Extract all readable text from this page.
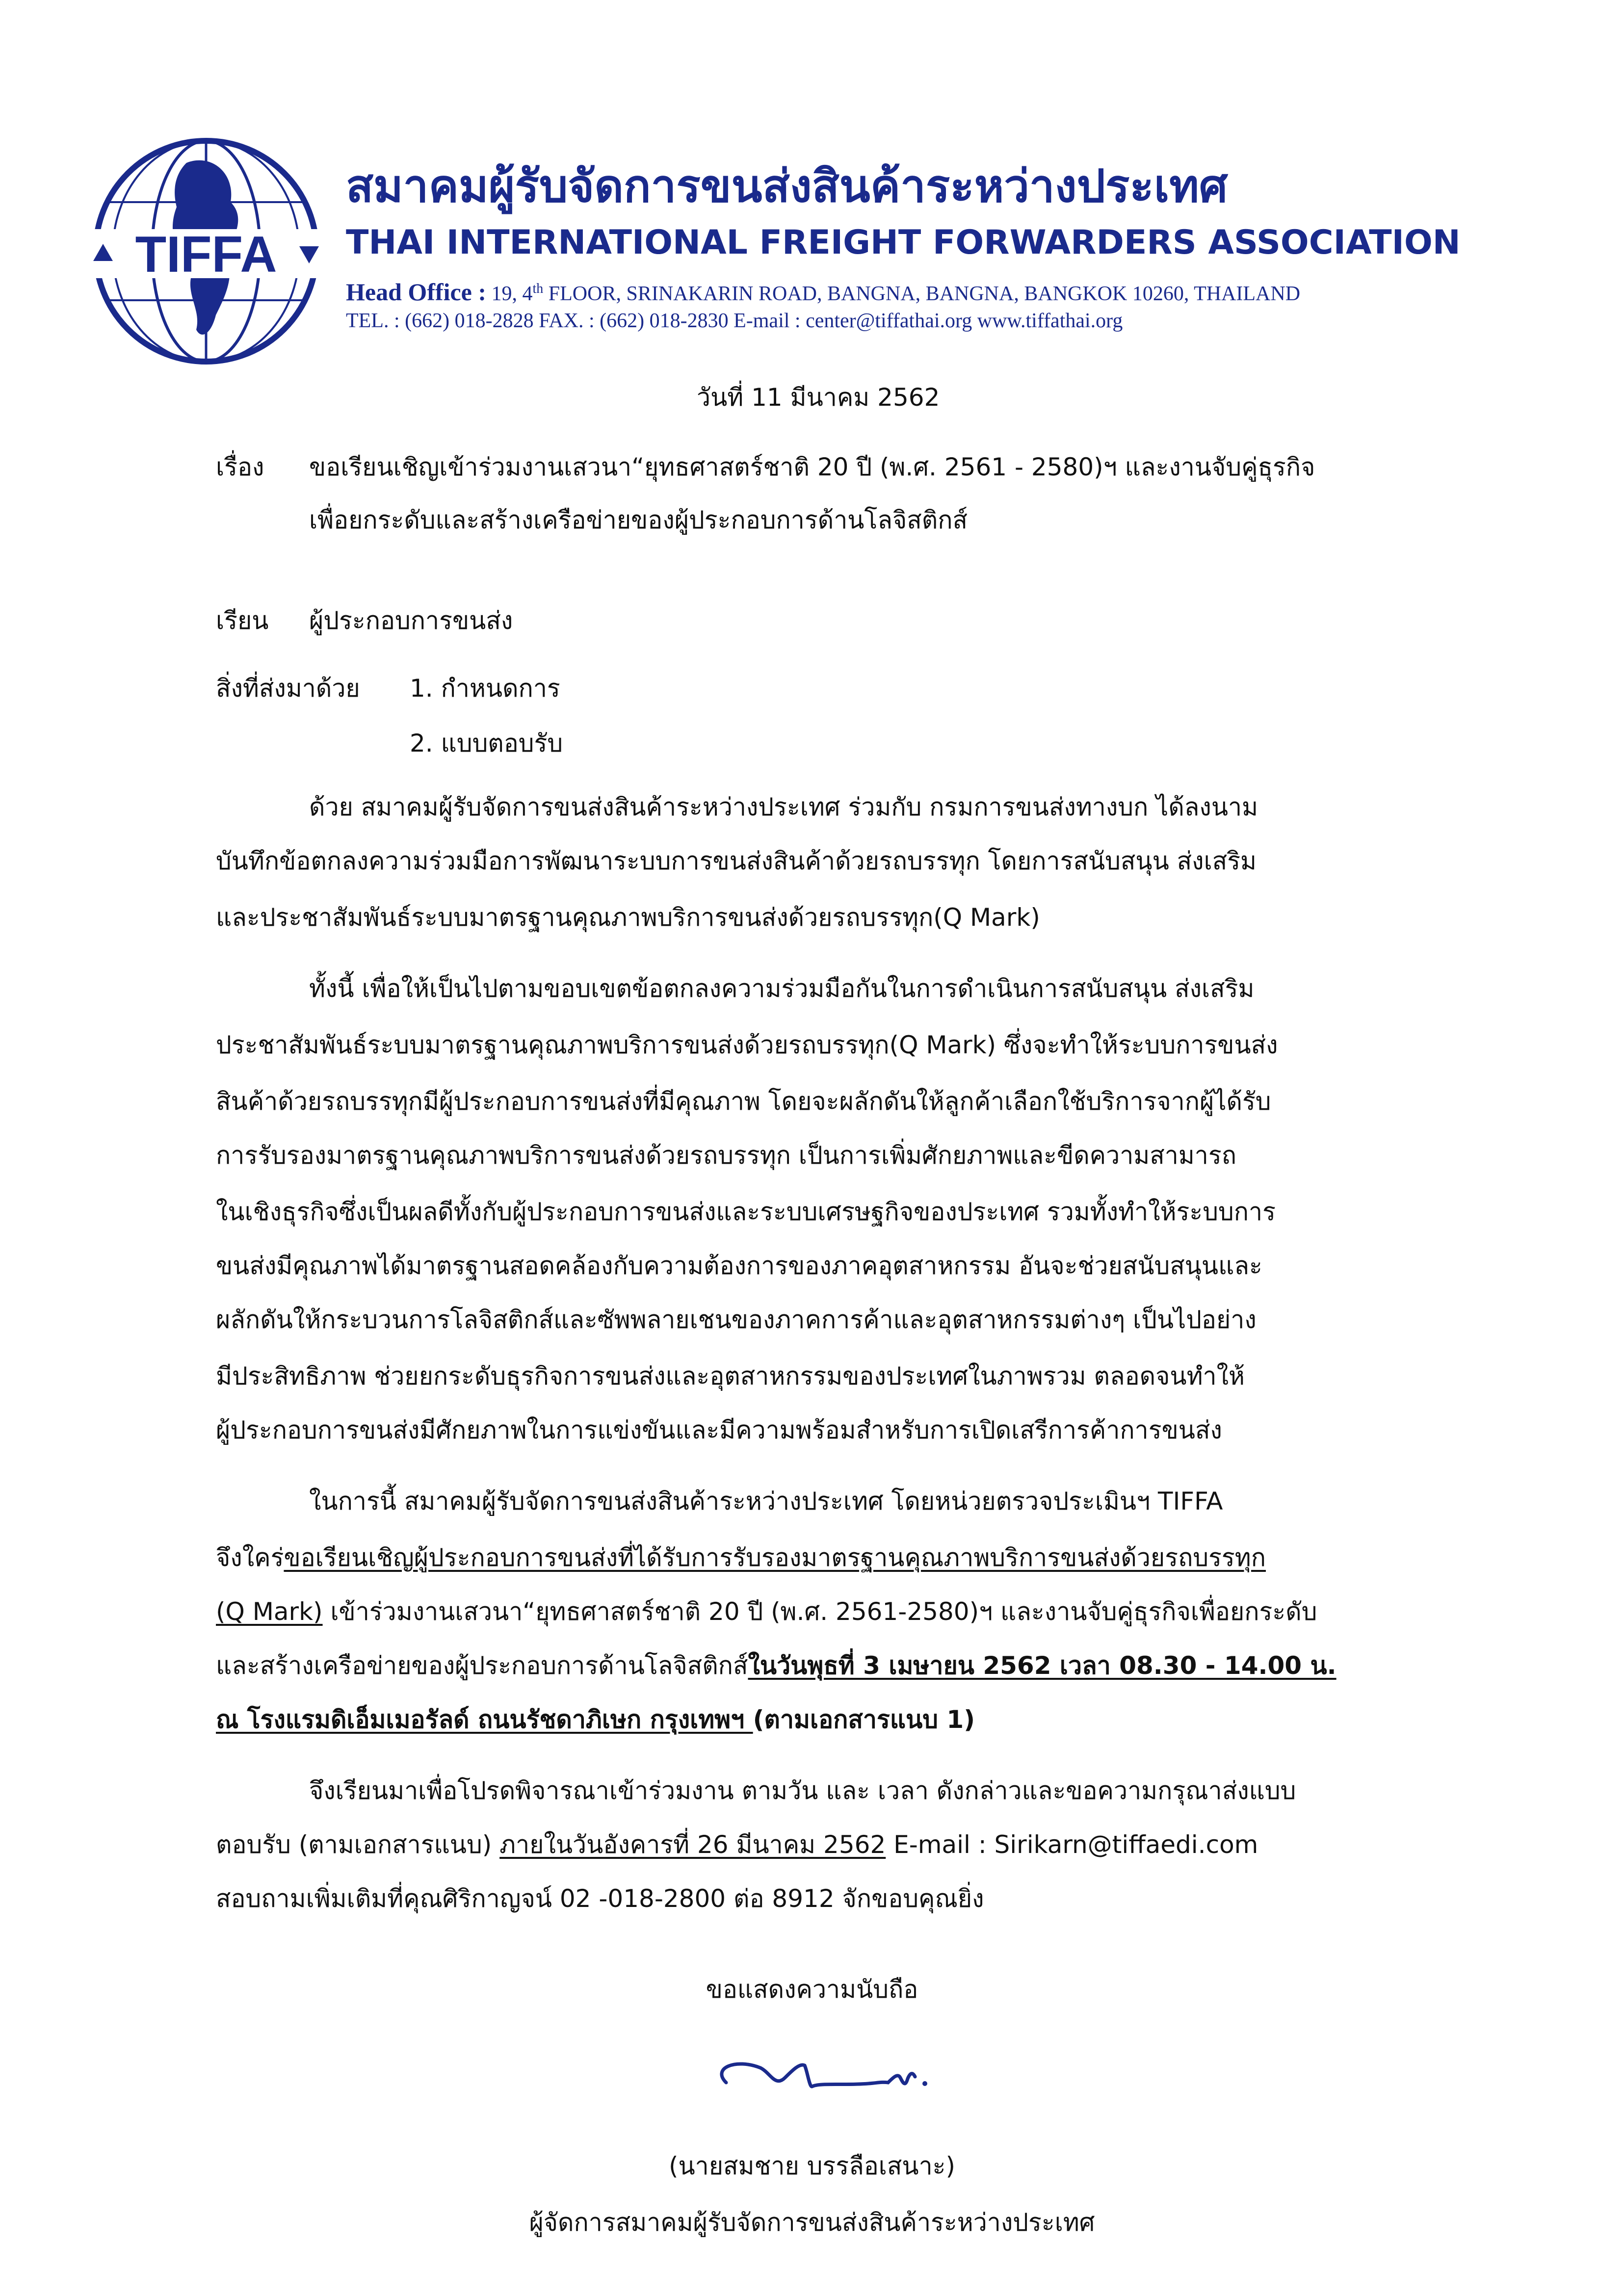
TIFFA
สมาคมผู้รับจัดการขนส่งสินค้าระหว่างประเทศ
THAI INTERNATIONAL FREIGHT FORWARDERS ASSOCIATION
Head Office : 19, 4th FLOOR, SRINAKARIN ROAD, BANGNA, BANGNA, BANGKOK 10260, THAILAND
TEL. : (662) 018-2828 FAX. : (662) 018-2830 E-mail : center@tiffathai.org www.tiffathai.org
วันที่ 11 มีนาคม 2562
เรื่อง ขอเรียนเชิญเข้าร่วมงานเสวนา“ยุทธศาสตร์ชาติ 20 ปี (พ.ศ. 2561 - 2580)ฯ และงานจับคู่ธุรกิจ
เพื่อยกระดับและสร้างเครือข่ายของผู้ประกอบการด้านโลจิสติกส์
เรียน ผู้ประกอบการขนส่ง
สิ่งที่ส่งมาด้วย 1. กำหนดการ
2. แบบตอบรับ
ด้วย สมาคมผู้รับจัดการขนส่งสินค้าระหว่างประเทศ ร่วมกับ กรมการขนส่งทางบก ได้ลงนาม
บันทึกข้อตกลงความร่วมมือการพัฒนาระบบการขนส่งสินค้าด้วยรถบรรทุก โดยการสนับสนุน ส่งเสริม
และประชาสัมพันธ์ระบบมาตรฐานคุณภาพบริการขนส่งด้วยรถบรรทุก(Q Mark)
ทั้งนี้ เพื่อให้เป็นไปตามขอบเขตข้อตกลงความร่วมมือกันในการดำเนินการสนับสนุน ส่งเสริม
ประชาสัมพันธ์ระบบมาตรฐานคุณภาพบริการขนส่งด้วยรถบรรทุก(Q Mark) ซึ่งจะทำให้ระบบการขนส่ง
สินค้าด้วยรถบรรทุกมีผู้ประกอบการขนส่งที่มีคุณภาพ โดยจะผลักดันให้ลูกค้าเลือกใช้บริการจากผู้ได้รับ
การรับรองมาตรฐานคุณภาพบริการขนส่งด้วยรถบรรทุก เป็นการเพิ่มศักยภาพและขีดความสามารถ
ในเชิงธุรกิจซึ่งเป็นผลดีทั้งกับผู้ประกอบการขนส่งและระบบเศรษฐกิจของประเทศ รวมทั้งทำให้ระบบการ
ขนส่งมีคุณภาพได้มาตรฐานสอดคล้องกับความต้องการของภาคอุตสาหกรรม อันจะช่วยสนับสนุนและ
ผลักดันให้กระบวนการโลจิสติกส์และซัพพลายเชนของภาคการค้าและอุตสาหกรรมต่างๆ เป็นไปอย่าง
มีประสิทธิภาพ ช่วยยกระดับธุรกิจการขนส่งและอุตสาหกรรมของประเทศในภาพรวม ตลอดจนทำให้
ผู้ประกอบการขนส่งมีศักยภาพในการแข่งขันและมีความพร้อมสำหรับการเปิดเสรีการค้าการขนส่ง
ในการนี้ สมาคมผู้รับจัดการขนส่งสินค้าระหว่างประเทศ โดยหน่วยตรวจประเมินฯ TIFFA
จึงใคร่ขอเรียนเชิญผู้ประกอบการขนส่งที่ได้รับการรับรองมาตรฐานคุณภาพบริการขนส่งด้วยรถบรรทุก
(Q Mark) เข้าร่วมงานเสวนา“ยุทธศาสตร์ชาติ 20 ปี (พ.ศ. 2561-2580)ฯ และงานจับคู่ธุรกิจเพื่อยกระดับ
และสร้างเครือข่ายของผู้ประกอบการด้านโลจิสติกส์ในวันพุธที่ 3 เมษายน 2562 เวลา 08.30 - 14.00 น.
ณ โรงแรมดิเอ็มเมอรัลด์ ถนนรัชดาภิเษก กรุงเทพฯ (ตามเอกสารแนบ 1)
จึงเรียนมาเพื่อโปรดพิจารณาเข้าร่วมงาน ตามวัน และ เวลา ดังกล่าวและขอความกรุณาส่งแบบ
ตอบรับ (ตามเอกสารแนบ) ภายในวันอังคารที่ 26 มีนาคม 2562 E-mail : Sirikarn@tiffaedi.com
สอบถามเพิ่มเติมที่คุณศิริกาญจน์ 02 -018-2800 ต่อ 8912 จักขอบคุณยิ่ง
ขอแสดงความนับถือ
(นายสมชาย บรรลือเสนาะ)
ผู้จัดการสมาคมผู้รับจัดการขนส่งสินค้าระหว่างประเทศ
